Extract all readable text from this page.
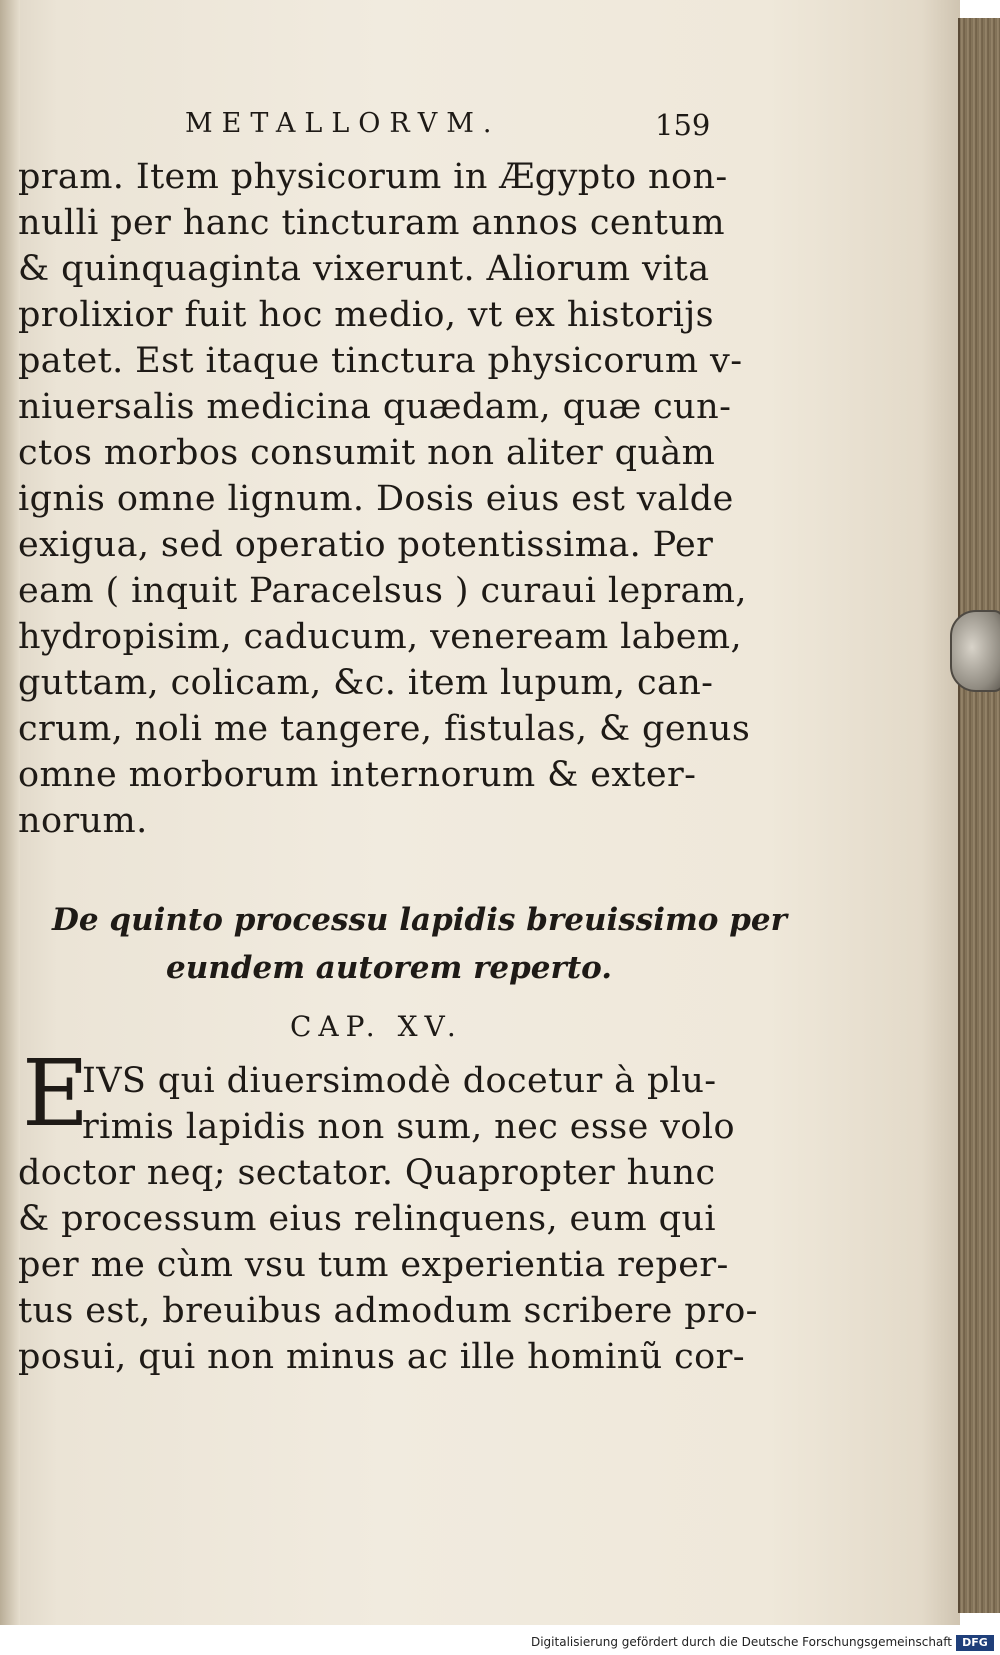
METALLORVM.	159
pram. Item physicorum in Ægypto non-
nulli per hanc tincturam annos centum
& quinquaginta vixerunt. Aliorum vita
prolixior fuit hoc medio, vt ex historijs
patet. Est itaque tinctura physicorum v-
niuersalis medicina quædam, quæ cun-
ctos morbos consumit non aliter quàm
ignis omne lignum. Dosis eius est valde
exigua, sed operatio potentissima. Per
eam ( inquit Paracelsus ) curaui lepram,
hydropisim, caducum, veneream labem,
guttam, colicam, &c. item lupum, can-
crum, noli me tangere, fistulas, & genus
omne morborum internorum & exter-
norum.
De quinto processu lapidis breuissimo per
eundem autorem reperto.
CAP. XV.
E
IVS qui diuersimodè docetur à plu-
rimis lapidis non sum, nec esse volo
doctor neq; sectator. Quapropter hunc
& processum eius relinquens, eum qui
per me cùm vsu tum experientia reper-
tus est, breuibus admodum scribere pro-
posui, qui non minus ac ille hominũ cor-
Digitalisierung gefördert durch die Deutsche Forschungsgemeinschaft DFG
